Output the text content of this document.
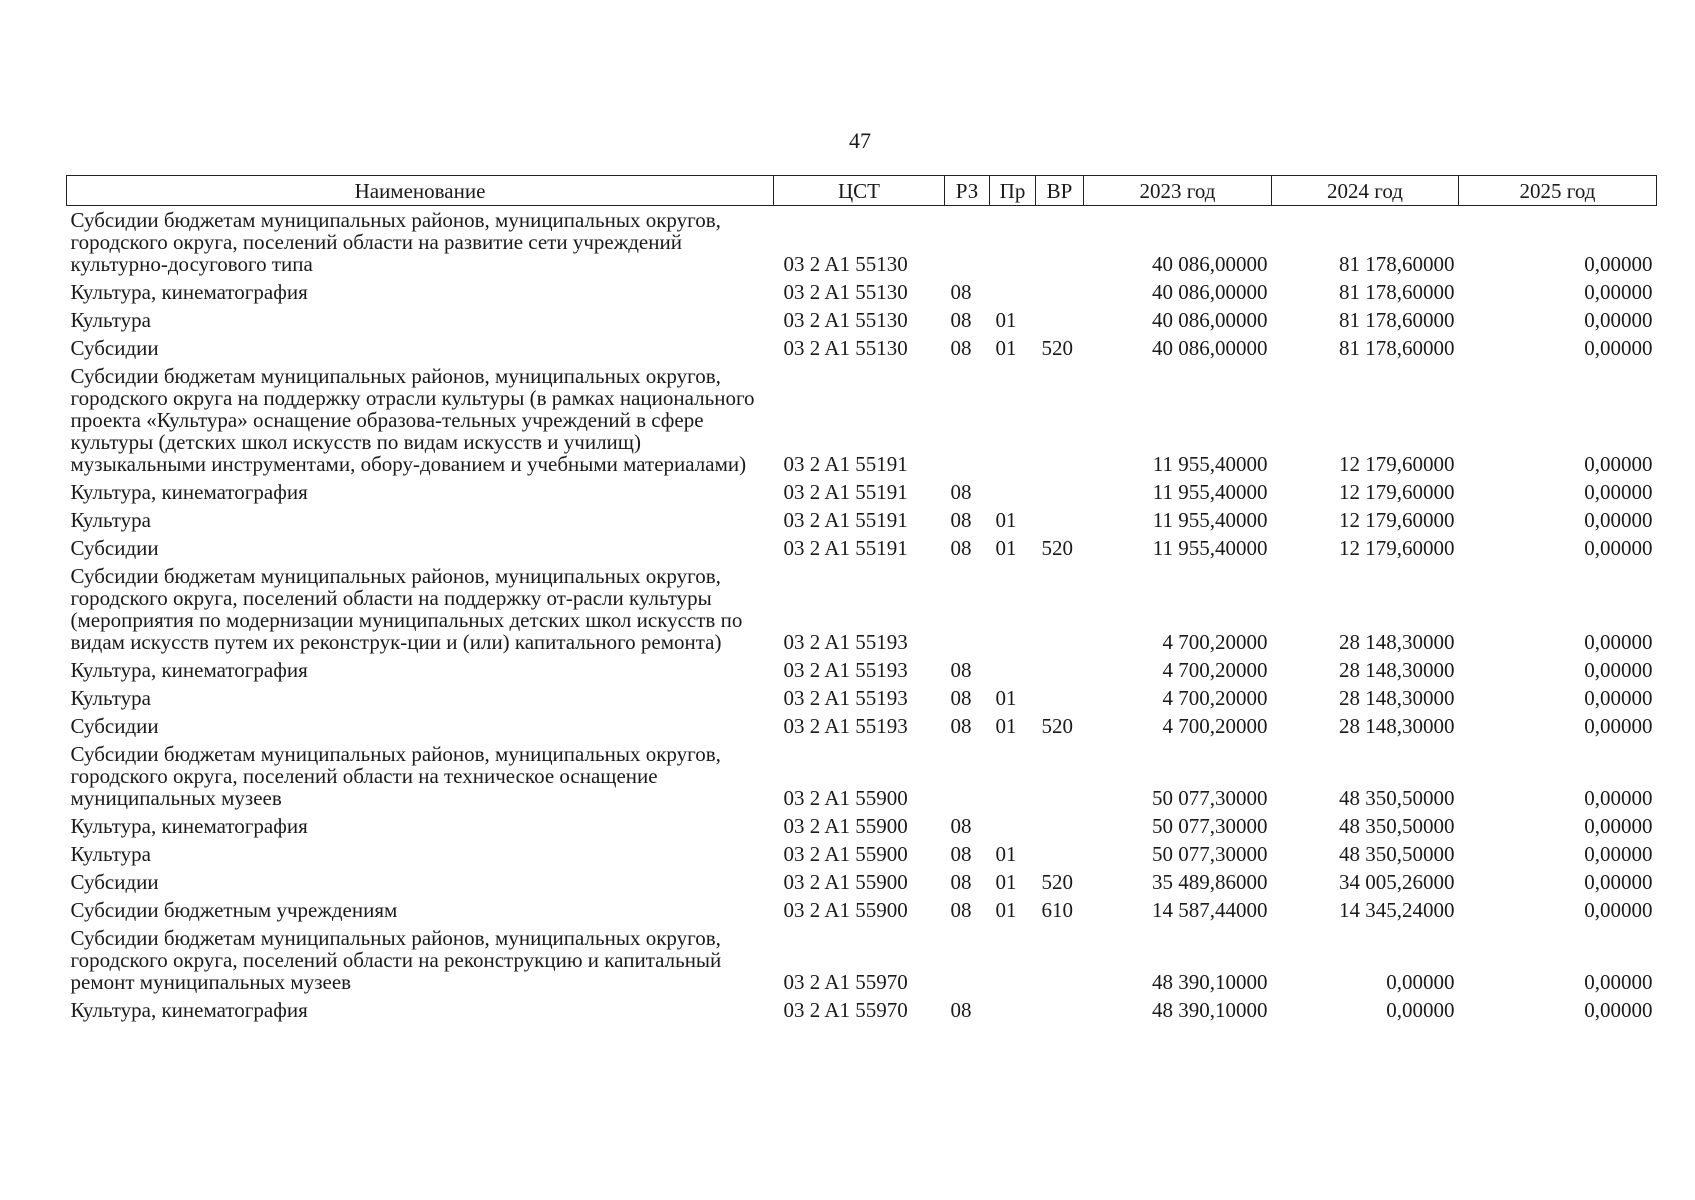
47
Наименование	ЦСТ	РЗ	Пр	ВР	2023 год	2024 год	2025 год
Субсидии бюджетам муниципальных районов, муниципальных округов, городского округа, поселений области на развитие сети учреждений культурно-досугового типа	03 2 A1 55130				40 086,00000	81 178,60000	0,00000
Культура, кинематография	03 2 A1 55130	08			40 086,00000	81 178,60000	0,00000
Культура	03 2 A1 55130	08	01		40 086,00000	81 178,60000	0,00000
Субсидии	03 2 A1 55130	08	01	520	40 086,00000	81 178,60000	0,00000
Субсидии бюджетам муниципальных районов, муниципальных округов, городского округа на поддержку отрасли культуры (в рамках национального проекта «Культура» оснащение образова-тельных учреждений в сфере культуры (детских школ искусств по видам искусств и училищ) музыкальными инструментами, обору-дованием и учебными материалами)	03 2 A1 55191				11 955,40000	12 179,60000	0,00000
Культура, кинематография	03 2 A1 55191	08			11 955,40000	12 179,60000	0,00000
Культура	03 2 A1 55191	08	01		11 955,40000	12 179,60000	0,00000
Субсидии	03 2 A1 55191	08	01	520	11 955,40000	12 179,60000	0,00000
Субсидии бюджетам муниципальных районов, муниципальных округов, городского округа, поселений области на поддержку от-расли культуры (мероприятия по модернизации муниципальных детских школ искусств по видам искусств путем их реконструк-ции и (или) капитального ремонта)	03 2 A1 55193				4 700,20000	28 148,30000	0,00000
Культура, кинематография	03 2 A1 55193	08			4 700,20000	28 148,30000	0,00000
Культура	03 2 A1 55193	08	01		4 700,20000	28 148,30000	0,00000
Субсидии	03 2 A1 55193	08	01	520	4 700,20000	28 148,30000	0,00000
Субсидии бюджетам муниципальных районов, муниципальных округов, городского округа, поселений области на техническое оснащение муниципальных музеев	03 2 A1 55900				50 077,30000	48 350,50000	0,00000
Культура, кинематография	03 2 A1 55900	08			50 077,30000	48 350,50000	0,00000
Культура	03 2 A1 55900	08	01		50 077,30000	48 350,50000	0,00000
Субсидии	03 2 A1 55900	08	01	520	35 489,86000	34 005,26000	0,00000
Субсидии бюджетным учреждениям	03 2 A1 55900	08	01	610	14 587,44000	14 345,24000	0,00000
Субсидии бюджетам муниципальных районов, муниципальных округов, городского округа, поселений области на реконструкцию и капитальный ремонт муниципальных музеев	03 2 A1 55970				48 390,10000	0,00000	0,00000
Культура, кинематография	03 2 A1 55970	08			48 390,10000	0,00000	0,00000
